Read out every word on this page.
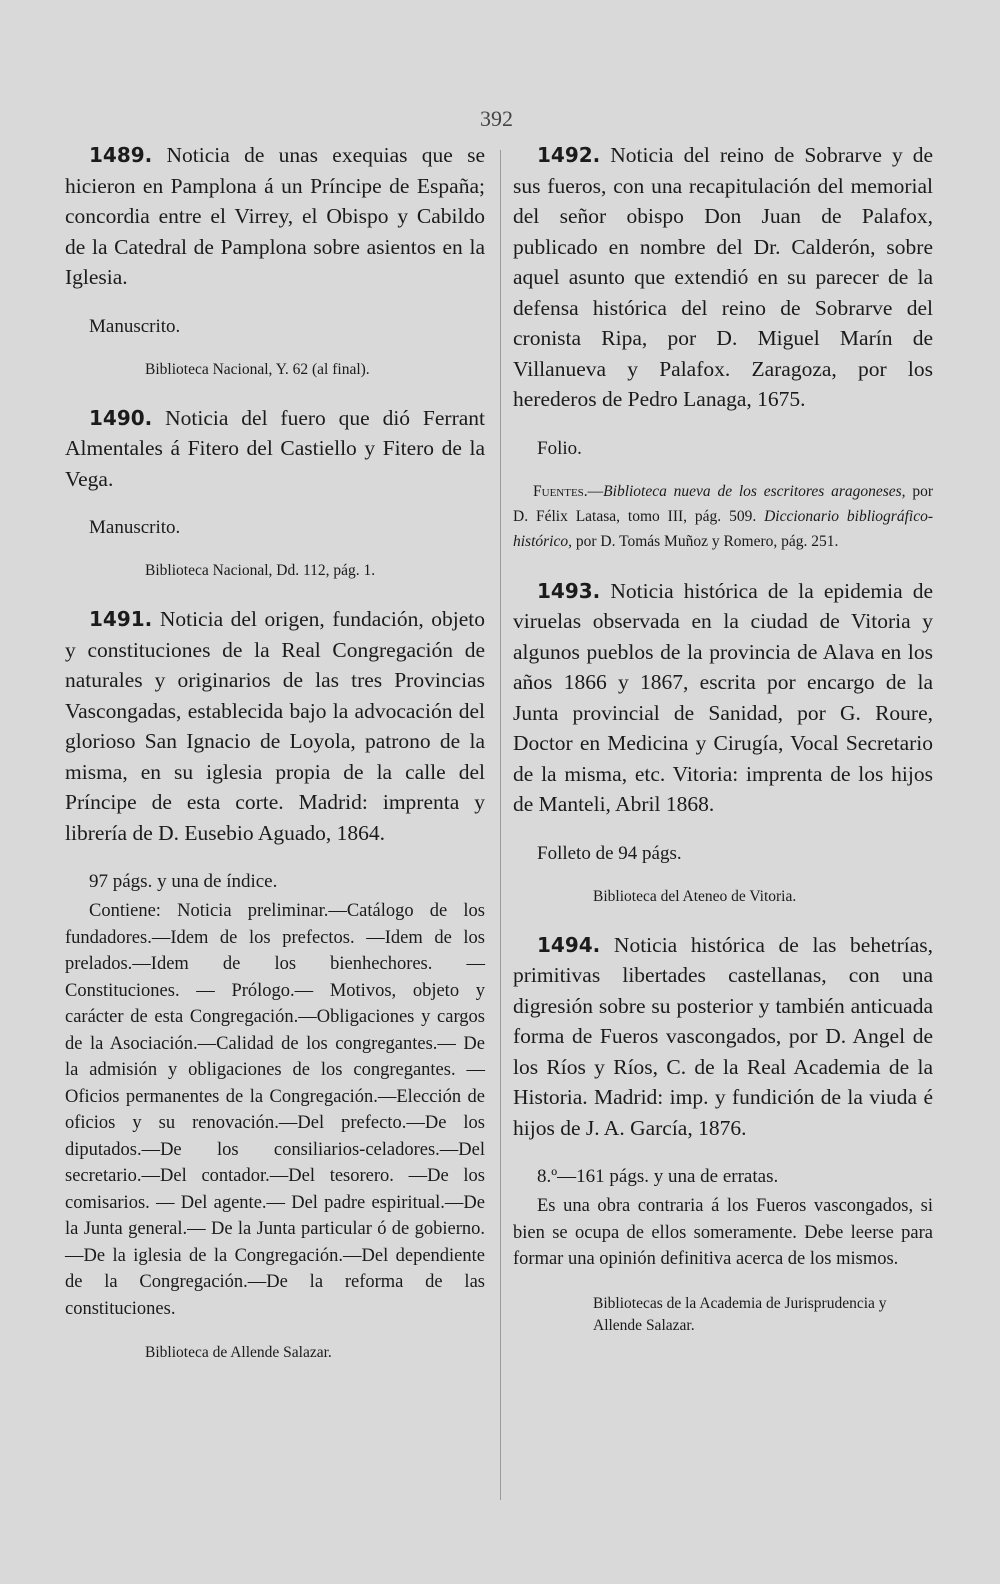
392

1489. Noticia de unas exequias que se hicieron en Pamplona á un Príncipe de España; concordia entre el Virrey, el Obispo y Cabildo de la Catedral de Pamplona sobre asientos en la Iglesia.

Manuscrito.
Biblioteca Nacional, Y. 62 (al final).

1490. Noticia del fuero que dió Ferrant Almentales á Fitero del Castiello y Fitero de la Vega.

Manuscrito.
Biblioteca Nacional, Dd. 112, pág. 1.

1491. Noticia del origen, fundación, objeto y constituciones de la Real Congregación de naturales y originarios de las tres Provincias Vascongadas, establecida bajo la advocación del glorioso San Ignacio de Loyola, patrono de la misma, en su iglesia propia de la calle del Príncipe de esta corte. Madrid: imprenta y librería de D. Eusebio Aguado, 1864.

97 págs. y una de índice.

Contiene: Noticia preliminar.—Catálogo de los fundadores.—Idem de los prefectos. —Idem de los prelados.—Idem de los bienhechores. — Constituciones. — Prólogo.— Motivos, objeto y carácter de esta Congregación.—Obligaciones y cargos de la Asociación.—Calidad de los congregantes.— De la admisión y obligaciones de los congregantes. — Oficios permanentes de la Congregación.—Elección de oficios y su renovación.—Del prefecto.—De los diputados.—De los consiliarios-celadores.—Del secretario.—Del contador.—Del tesorero. —De los comisarios. — Del agente.— Del padre espiritual.—De la Junta general.— De la Junta particular ó de gobierno.—De la iglesia de la Congregación.—Del dependiente de la Congregación.—De la reforma de las constituciones.

Biblioteca de Allende Salazar.

1492. Noticia del reino de Sobrarve y de sus fueros, con una recapitulación del memorial del señor obispo Don Juan de Palafox, publicado en nombre del Dr. Calderón, sobre aquel asunto que extendió en su parecer de la defensa histórica del reino de Sobrarve del cronista Ripa, por D. Miguel Marín de Villanueva y Palafox. Zaragoza, por los herederos de Pedro Lanaga, 1675.

Folio.

Fuentes.—Biblioteca nueva de los escritores aragoneses, por D. Félix Latasa, tomo III, pág. 509. Diccionario bibliográfico-histórico, por D. Tomás Muñoz y Romero, pág. 251.

1493. Noticia histórica de la epidemia de viruelas observada en la ciudad de Vitoria y algunos pueblos de la provincia de Alava en los años 1866 y 1867, escrita por encargo de la Junta provincial de Sanidad, por G. Roure, Doctor en Medicina y Cirugía, Vocal Secretario de la misma, etc. Vitoria: imprenta de los hijos de Manteli, Abril 1868.

Folleto de 94 págs.
Biblioteca del Ateneo de Vitoria.

1494. Noticia histórica de las behetrías, primitivas libertades castellanas, con una digresión sobre su posterior y también anticuada forma de Fueros vascongados, por D. Angel de los Ríos y Ríos, C. de la Real Academia de la Historia. Madrid: imp. y fundición de la viuda é hijos de J. A. García, 1876.

8.º—161 págs. y una de erratas.

Es una obra contraria á los Fueros vascongados, si bien se ocupa de ellos someramente. Debe leerse para formar una opinión definitiva acerca de los mismos.

Bibliotecas de la Academia de Jurisprudencia y Allende Salazar.
